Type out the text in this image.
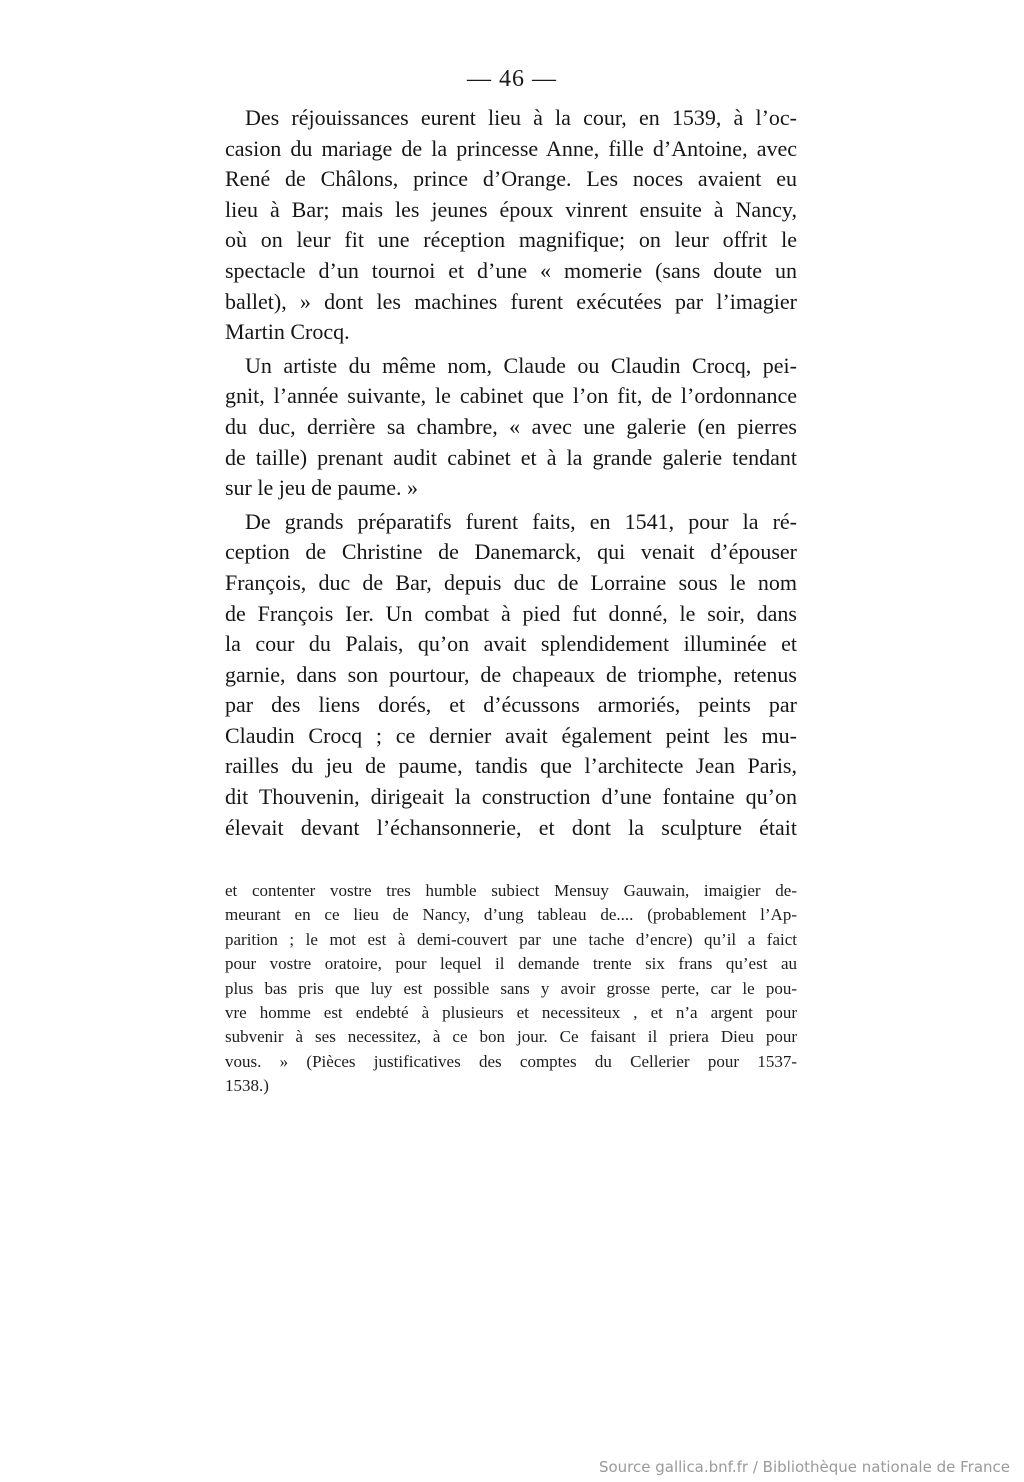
— 46 —
Des réjouissances eurent lieu à la cour, en 1539, à l’oc-
casion du mariage de la princesse Anne, fille d’Antoine, avec
René de Châlons, prince d’Orange. Les noces avaient eu
lieu à Bar; mais les jeunes époux vinrent ensuite à Nancy,
où on leur fit une réception magnifique; on leur offrit le
spectacle d’un tournoi et d’une « momerie (sans doute un
ballet), » dont les machines furent exécutées par l’imagier
Martin Crocq.
Un artiste du même nom, Claude ou Claudin Crocq, pei-
gnit, l’année suivante, le cabinet que l’on fit, de l’ordonnance
du duc, derrière sa chambre, « avec une galerie (en pierres
de taille) prenant audit cabinet et à la grande galerie tendant
sur le jeu de paume. »
De grands préparatifs furent faits, en 1541, pour la ré-
ception de Christine de Danemarck, qui venait d’épouser
François, duc de Bar, depuis duc de Lorraine sous le nom
de François Ier. Un combat à pied fut donné, le soir, dans
la cour du Palais, qu’on avait splendidement illuminée et
garnie, dans son pourtour, de chapeaux de triomphe, retenus
par des liens dorés, et d’écussons armoriés, peints par
Claudin Crocq ; ce dernier avait également peint les mu-
railles du jeu de paume, tandis que l’architecte Jean Paris,
dit Thouvenin, dirigeait la construction d’une fontaine qu’on
élevait devant l’échansonnerie, et dont la sculpture était
et contenter vostre tres humble subiect Mensuy Gauwain, imaigier de-
meurant en ce lieu de Nancy, d’ung tableau de.... (probablement l’Ap-
parition ; le mot est à demi-couvert par une tache d’encre) qu’il a faict
pour vostre oratoire, pour lequel il demande trente six frans qu’est au
plus bas pris que luy est possible sans y avoir grosse perte, car le pou-
vre homme est endebté à plusieurs et necessiteux , et n’a argent pour
subvenir à ses necessitez, à ce bon jour. Ce faisant il priera Dieu pour
vous. » (Pièces justificatives des comptes du Cellerier pour 1537-
1538.)
Source gallica.bnf.fr / Bibliothèque nationale de France
